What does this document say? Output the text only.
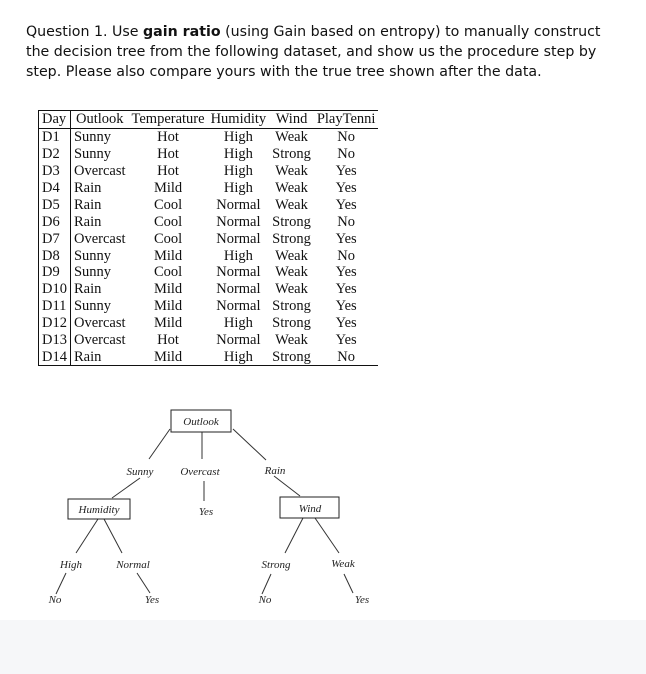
Question 1. Use gain ratio (using Gain based on entropy) to manually construct the decision tree from the following dataset, and show us the procedure step by step. Please also compare yours with the true tree shown after the data.

Day	Outlook	Temperature	Humidity	Wind	PlayTenni
D1	Sunny	Hot	High	Weak	No
D2	Sunny	Hot	High	Strong	No
D3	Overcast	Hot	High	Weak	Yes
D4	Rain	Mild	High	Weak	Yes
D5	Rain	Cool	Normal	Weak	Yes
D6	Rain	Cool	Normal	Strong	No
D7	Overcast	Cool	Normal	Strong	Yes
D8	Sunny	Mild	High	Weak	No
D9	Sunny	Cool	Normal	Weak	Yes
D10	Rain	Mild	Normal	Weak	Yes
D11	Sunny	Mild	Normal	Strong	Yes
D12	Overcast	Mild	High	Strong	Yes
D13	Overcast	Hot	Normal	Weak	Yes
D14	Rain	Mild	High	Strong	No
Outlook
Sunny Overcast	Rain
Humidity	Yes	Wind
High	Normal	Strong	Weak
No	Yes	No	Yes
